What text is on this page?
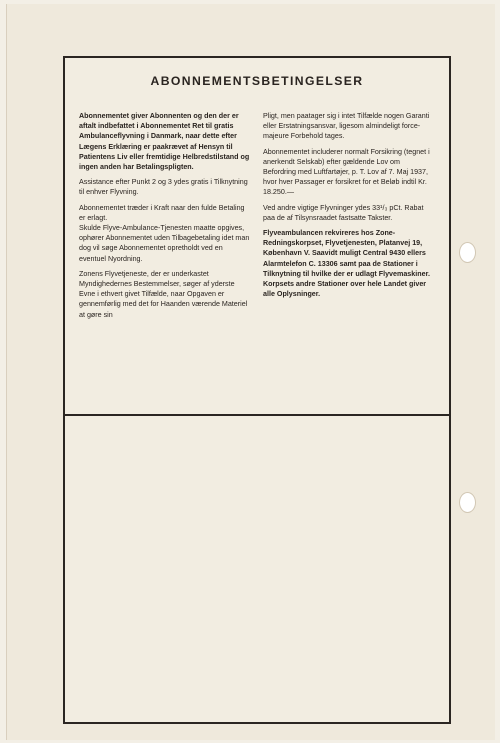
ABONNEMENTSBETINGELSER

Abonnementet giver Abonnenten og den der er aftalt indbefattet i Abonnementet Ret til gratis Ambulanceflyvning i Danmark, naar dette efter Lægens Erklæring er paakrævet af Hensyn til Patientens Liv eller fremtidige Helbredstilstand og ingen anden har Betalingspligten.

Assistance efter Punkt 2 og 3 ydes gratis i Tilknytning til enhver Flyvning.

Abonnementet træder i Kraft naar den fulde Betaling er erlagt.

Skulde Flyve-Ambulance-Tjenesten maatte opgives, ophører Abonnementet uden Tilbagebetaling idet man dog vil søge Abonnementet opretholdt ved en eventuel Nyordning.

Zonens Flyvetjeneste, der er underkastet Myndighedernes Bestemmelser, søger af yderste Evne i ethvert givet Tilfælde, naar Opgaven er gennemførlig med det for Haanden værende Materiel at gøre sin

Pligt, men paatager sig i intet Tilfælde nogen Garanti eller Erstatningsansvar, ligesom almindeligt force-majeure Forbehold tages.

Abonnementet includerer normalt Forsikring (tegnet i anerkendt Selskab) efter gældende Lov om Befordring med Luftfartøjer, p. T. Lov af 7. Maj 1937, hvor hver Passager er forsikret for et Beløb indtil Kr. 18.250.—

Ved andre vigtige Flyvninger ydes 33¹/₃ pCt. Rabat paa de af Tilsynsraadet fastsatte Takster.

Flyveambulancen rekvireres hos Zone-Redningskorpset, Flyvetjenesten, Platanvej 19, København V. Saavidt muligt Central 9430 ellers Alarmtelefon C. 13306 samt paa de Stationer i Tilknytning til hvilke der er udlagt Flyvemaskiner.

Korpsets andre Stationer over hele Landet giver alle Oplysninger.
